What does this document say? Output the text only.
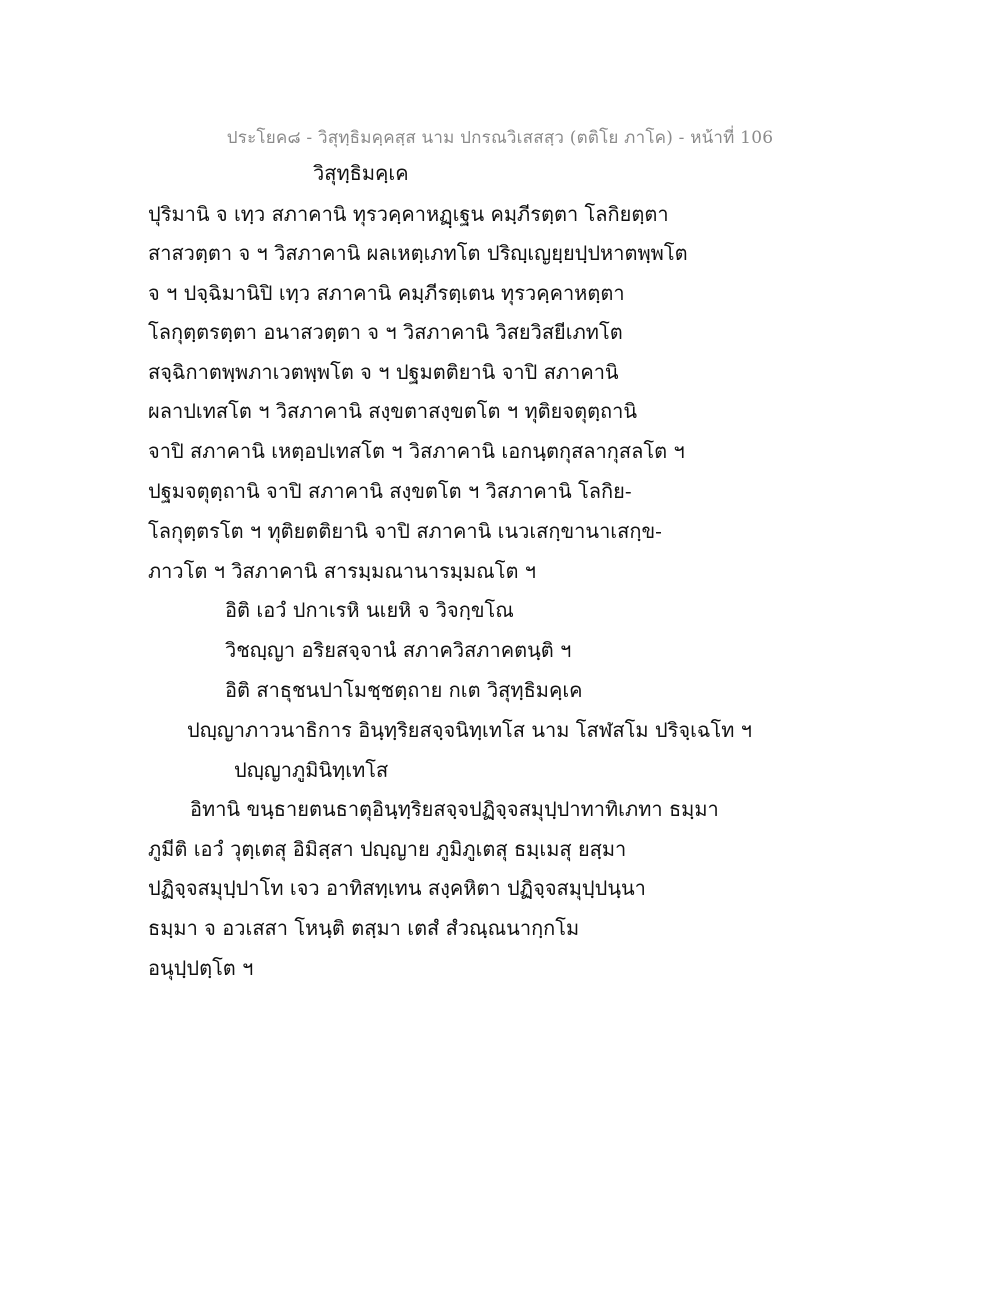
ประโยค๘ - วิสุทฺธิมคฺคสฺส นาม ปกรณวิเสสสฺว (ตติโย ภาโค) - หน้าที่ 106
วิสุทฺธิมคฺเค
ปุริมานิ จ เทฺว สภาคานิ ทุรวคฺคาหฏฺเฐน คมฺภีรตฺตา โลกิยตฺตา
สาสวตฺตา จ ฯ วิสภาคานิ ผลเหตฺเภทโต ปริญฺเญยฺยปฺปหาตพฺพโต
จ ฯ ปจฺฉิมานิปิ เทฺว สภาคานิ คมฺภีรตฺเตน ทุรวคฺคาหตฺตา
โลกุตฺตรตฺตา อนาสวตฺตา จ ฯ วิสภาคานิ วิสยวิสยีเภทโต
สจฺฉิกาตพฺพภาเวตพฺพโต จ ฯ ปฐมตติยานิ จาปิ สภาคานิ
ผลาปเทสโต ฯ วิสภาคานิ สงฺขตาสงฺขตโต ฯ ทุติยจตุตฺถานิ
จาปิ สภาคานิ เหตฺอปเทสโต ฯ วิสภาคานิ เอกนฺตกุสลากุสลโต ฯ
ปฐมจตุตฺถานิ จาปิ สภาคานิ สงฺขตโต ฯ วิสภาคานิ โลกิย-
โลกุตฺตรโต ฯ ทุติยตติยานิ จาปิ สภาคานิ เนวเสกฺขานาเสกฺข-
ภาวโต ฯ วิสภาคานิ สารมฺมณานารมฺมณโต ฯ
อิติ เอวํ ปกาเรหิ นเยหิ จ วิจกฺขโณ
วิชญฺญา อริยสจฺจานํ สภาควิสภาคตนฺติ ฯ
อิติ สาธุชนปาโมชฺชตฺถาย กเต วิสุทฺธิมคฺเค
ปญฺญาภาวนาธิการ อินฺทฺริยสจฺจนิทฺเทโส นาม โสฬสโม ปริจฺเฉโท ฯ
ปญฺญาภูมินิทฺเทโส
อิทานิ ขนฺธายตนธาตุอินฺทฺริยสจฺจปฏิจฺจสมุปฺปาทาทิเภทา ธมฺมา
ภูมีติ เอวํ วุตฺเตสุ อิมิสฺสา ปญฺญาย ภูมิภูเตสุ ธมฺเมสุ ยสฺมา
ปฏิจฺจสมุปฺปาโท เจว อาทิสทฺเทน สงฺคหิตา ปฏิจฺจสมุปฺปนฺนา
ธมฺมา จ อวเสสา โหนฺติ ตสฺมา เตสํ สํวณฺณนากฺกโม
อนุปฺปตฺโต ฯ
